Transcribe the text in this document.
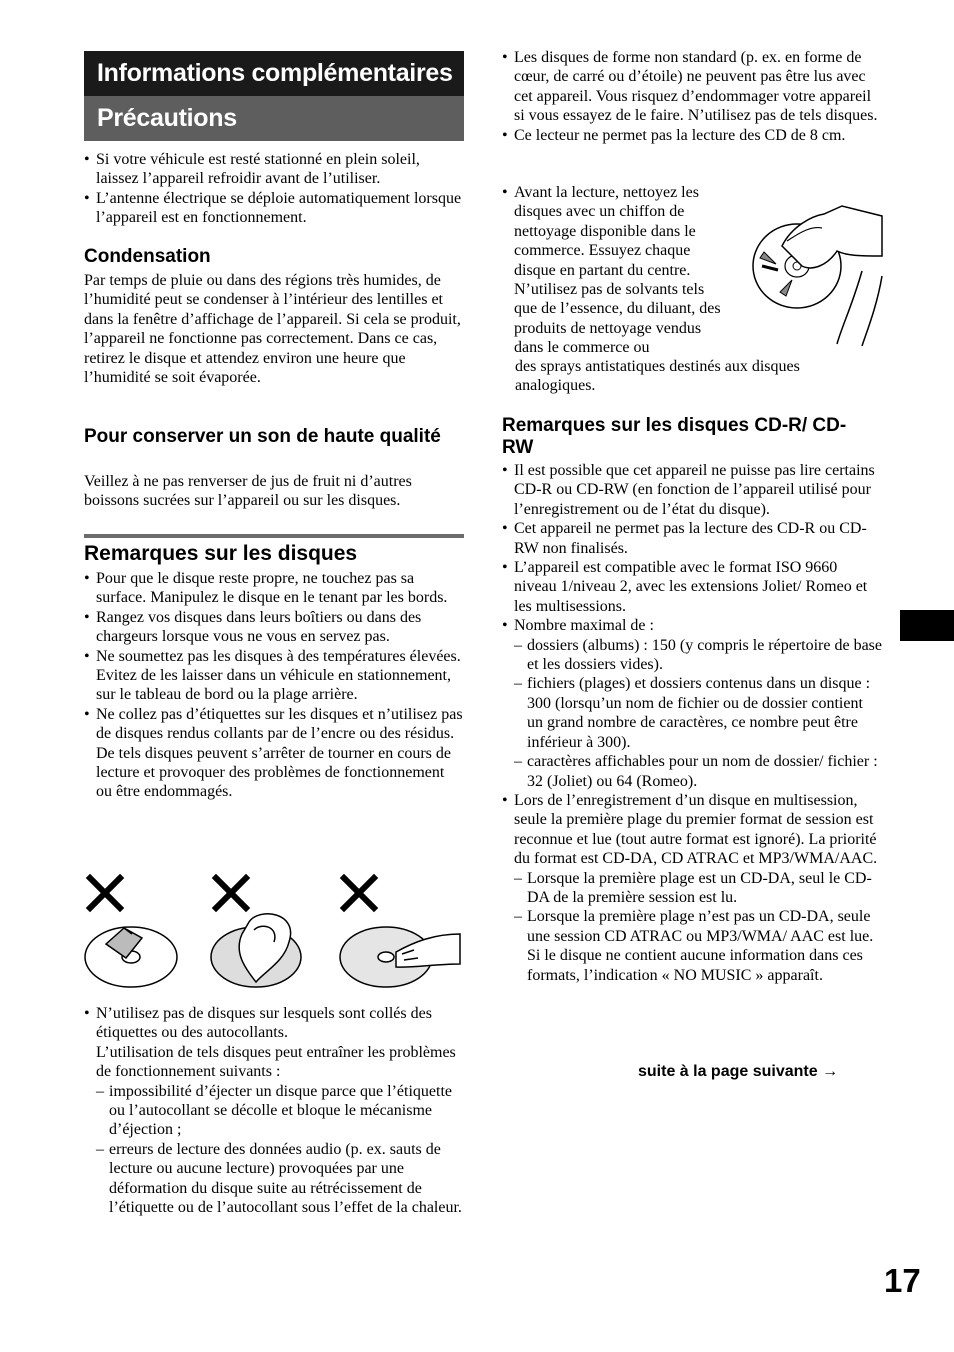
Informations complémentaires
Précautions
• Si votre véhicule est resté stationné en plein soleil, laissez l’appareil refroidir avant de l’utiliser.
• L’antenne électrique se déploie automatiquement lorsque l’appareil est en fonctionnement.
Condensation

Par temps de pluie ou dans des régions très humides, de l’humidité peut se condenser à l’intérieur des lentilles et dans la fenêtre d’affichage de l’appareil. Si cela se produit, l’appareil ne fonctionne pas correctement. Dans ce cas, retirez le disque et attendez environ une heure que l’humidité se soit évaporée.

Pour conserver un son de haute qualité

Veillez à ne pas renverser de jus de fruit ni d’autres boissons sucrées sur l’appareil ou sur les disques.

Remarques sur les disques
• Pour que le disque reste propre, ne touchez pas sa surface. Manipulez le disque en le tenant par les bords.
• Rangez vos disques dans leurs boîtiers ou dans des chargeurs lorsque vous ne vous en servez pas.
• Ne soumettez pas les disques à des températures élevées. Evitez de les laisser dans un véhicule en stationnement, sur le tableau de bord ou la plage arrière.
• Ne collez pas d’étiquettes sur les disques et n’utilisez pas de disques rendus collants par de l’encre ou des résidus. De tels disques peuvent s’arrêter de tourner en cours de lecture et provoquer des problèmes de fonctionnement ou être endommagés.
• N’utilisez pas de disques sur lesquels sont collés des étiquettes ou des autocollants.
L’utilisation de tels disques peut entraîner les problèmes de fonctionnement suivants :
– impossibilité d’éjecter un disque parce que l’étiquette ou l’autocollant se décolle et bloque le mécanisme d’éjection ;
– erreurs de lecture des données audio (p. ex. sauts de lecture ou aucune lecture) provoquées par une déformation du disque suite au rétrécissement de l’étiquette ou de l’autocollant sous l’effet de la chaleur.
• Les disques de forme non standard (p. ex. en forme de cœur, de carré ou d’étoile) ne peuvent pas être lus avec cet appareil. Vous risquez d’endommager votre appareil si vous essayez de le faire. N’utilisez pas de tels disques.
• Ce lecteur ne permet pas la lecture des CD de 8 cm.
• Avant la lecture, nettoyez les disques avec un chiffon de nettoyage disponible dans le commerce. Essuyez chaque disque en partant du centre. N’utilisez pas de solvants tels que de l’essence, du diluant, des produits de nettoyage vendus dans le commerce ou

des sprays antistatiques destinés aux disques analogiques.

Remarques sur les disques CD-R/ CD-RW
• Il est possible que cet appareil ne puisse pas lire certains CD-R ou CD-RW (en fonction de l’appareil utilisé pour l’enregistrement ou de l’état du disque).
• Cet appareil ne permet pas la lecture des CD-R ou CD-RW non finalisés.
• L’appareil est compatible avec le format ISO 9660 niveau 1/niveau 2, avec les extensions Joliet/ Romeo et les multisessions.
• Nombre maximal de :
– dossiers (albums) : 150 (y compris le répertoire de base et les dossiers vides).
– fichiers (plages) et dossiers contenus dans un disque : 300 (lorsqu’un nom de fichier ou de dossier contient un grand nombre de caractères, ce nombre peut être inférieur à 300).
– caractères affichables pour un nom de dossier/ fichier : 32 (Joliet) ou 64 (Romeo).
• Lors de l’enregistrement d’un disque en multisession, seule la première plage du premier format de session est reconnue et lue (tout autre format est ignoré). La priorité du format est CD-DA, CD ATRAC et MP3/WMA/AAC.
– Lorsque la première plage est un CD-DA, seul le CD-DA de la première session est lu.
– Lorsque la première plage n’est pas un CD-DA, seule une session CD ATRAC ou MP3/WMA/ AAC est lue. Si le disque ne contient aucune information dans ces formats, l’indication « NO MUSIC » apparaît.
suite à la page suivante →
17
